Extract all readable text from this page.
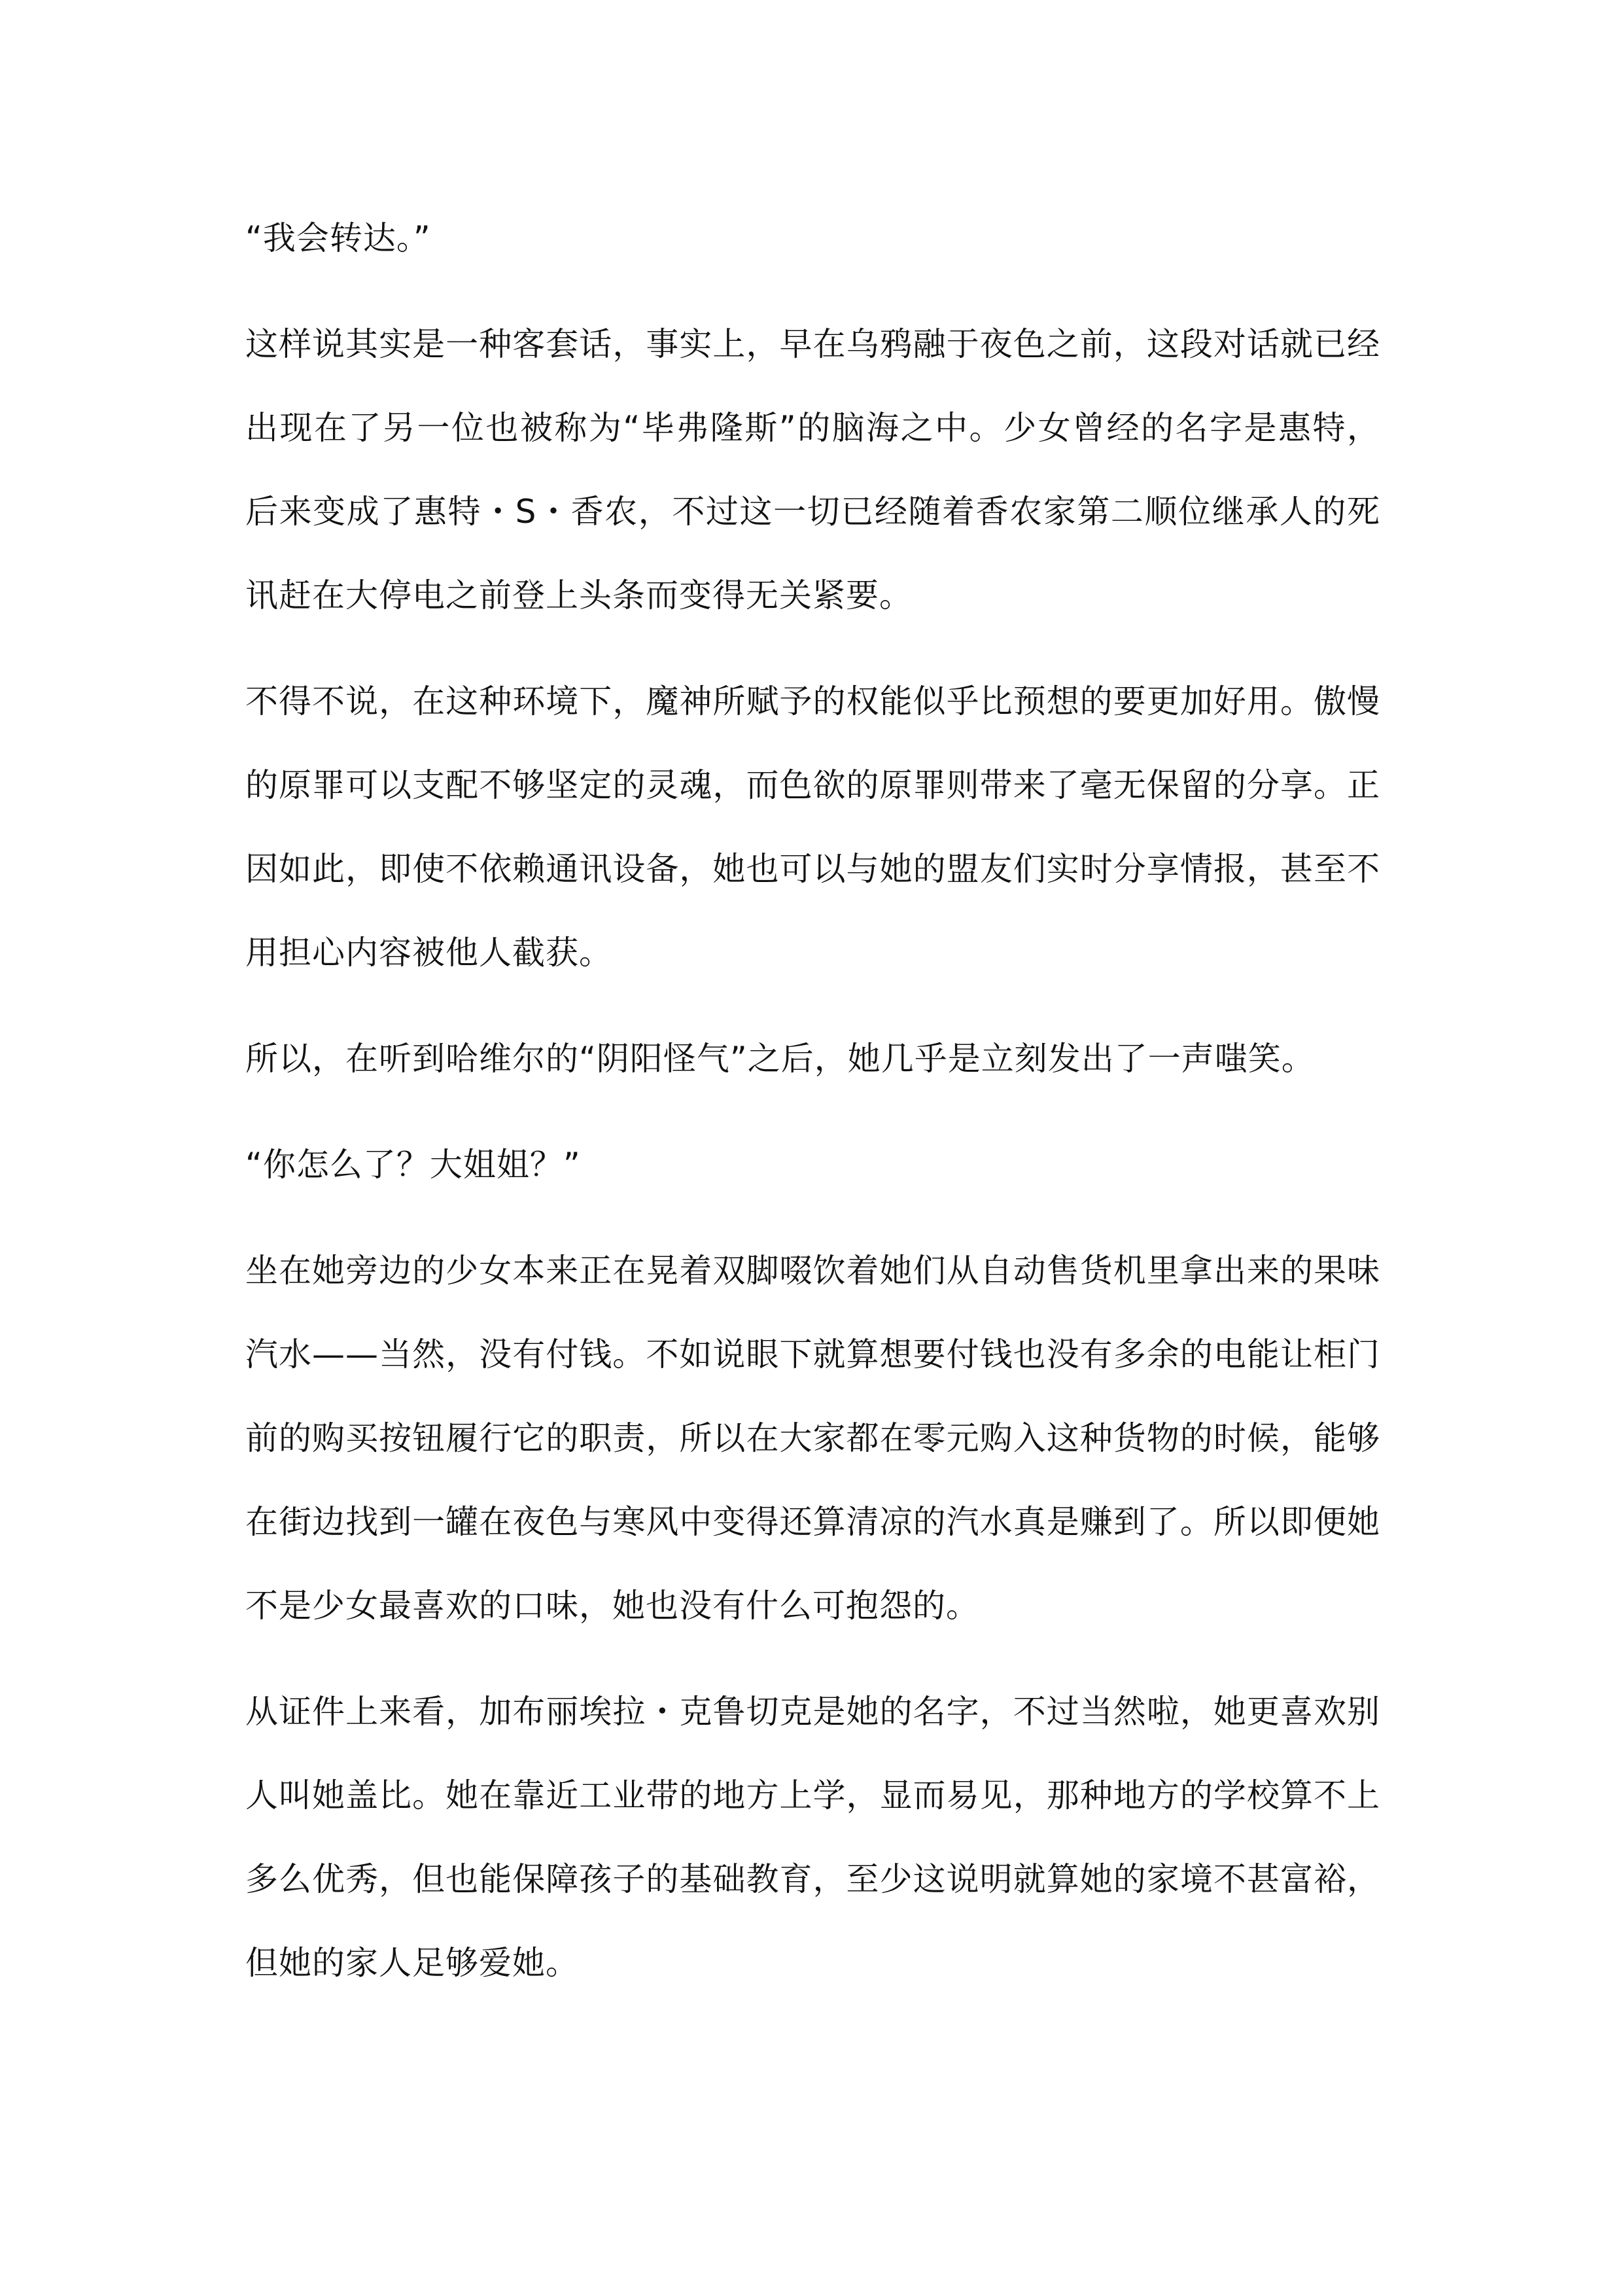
“我会转达。”

这样说其实是一种客套话，事实上，早在乌鸦融于夜色之前，这段对话就已经出现在了另一位也被称为“毕弗隆斯”的脑海之中。少女曾经的名字是惠特，后来变成了惠特・S・香农，不过这一切已经随着香农家第二顺位继承人的死讯赶在大停电之前登上头条而变得无关紧要。

不得不说，在这种环境下，魔神所赋予的权能似乎比预想的要更加好用。傲慢的原罪可以支配不够坚定的灵魂，而色欲的原罪则带来了毫无保留的分享。正因如此，即使不依赖通讯设备，她也可以与她的盟友们实时分享情报，甚至不用担心内容被他人截获。

所以，在听到哈维尔的“阴阳怪气”之后，她几乎是立刻发出了一声嗤笑。

“你怎么了？大姐姐？”

坐在她旁边的少女本来正在晃着双脚啜饮着她们从自动售货机里拿出来的果味汽水——当然，没有付钱。不如说眼下就算想要付钱也没有多余的电能让柜门前的购买按钮履行它的职责，所以在大家都在零元购入这种货物的时候，能够在街边找到一罐在夜色与寒风中变得还算清凉的汽水真是赚到了。所以即便她不是少女最喜欢的口味，她也没有什么可抱怨的。

从证件上来看，加布丽埃拉・克鲁切克是她的名字，不过当然啦，她更喜欢别人叫她盖比。她在靠近工业带的地方上学，显而易见，那种地方的学校算不上多么优秀，但也能保障孩子的基础教育，至少这说明就算她的家境不甚富裕，但她的家人足够爱她。
